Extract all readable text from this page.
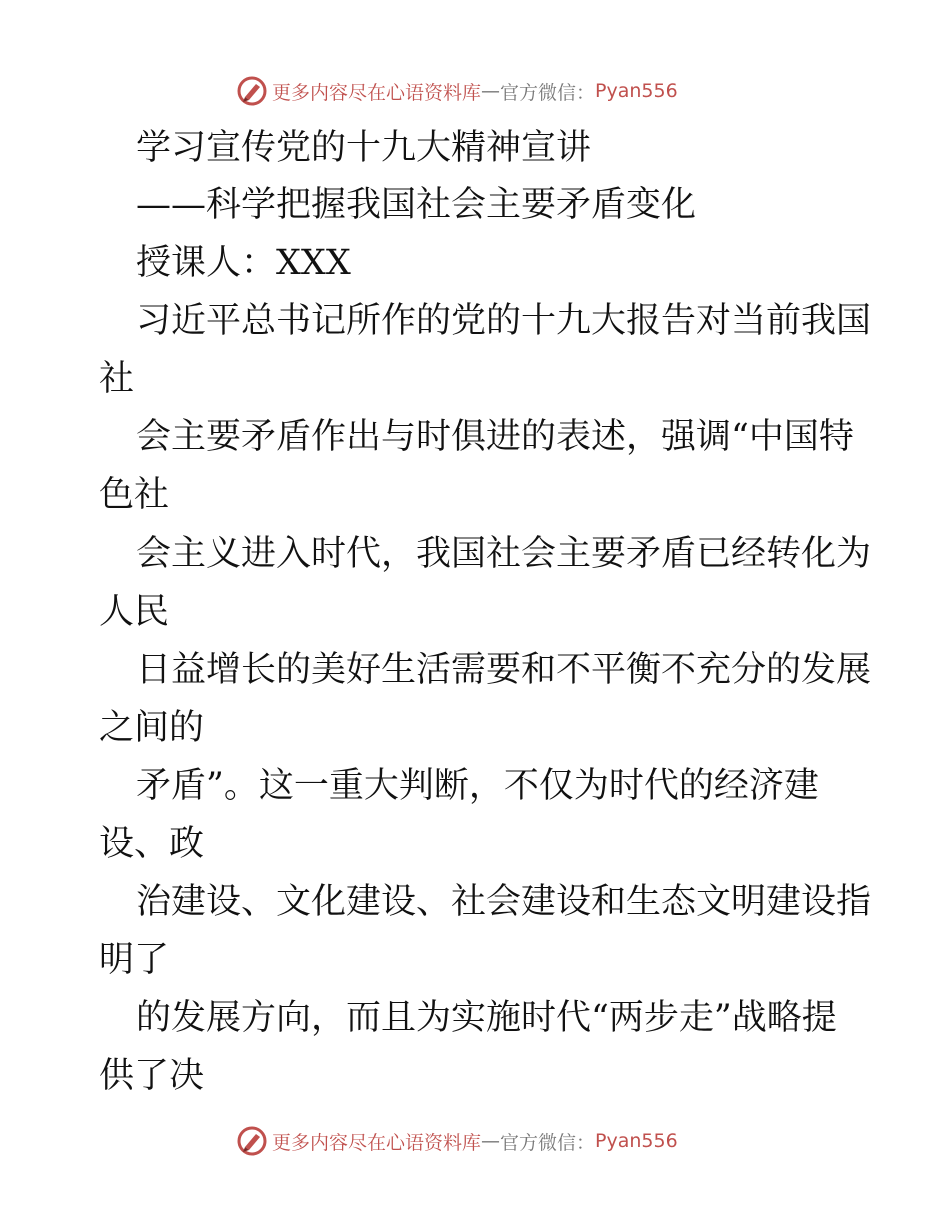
更多内容尽在心语资料库 — 官方微信： Pyan556
学习宣传党的十九大精神宣讲
——科学把握我国社会主要矛盾变化
授课人：XXX
习近平总书记所作的党的十九大报告对当前我国
社
会主要矛盾作出与时俱进的表述，强调“中国特
色社
会主义进入时代，我国社会主要矛盾已经转化为
人民
日益增长的美好生活需要和不平衡不充分的发展
之间的
矛盾”。这一重大判断，不仅为时代的经济建
设、政
治建设、文化建设、社会建设和生态文明建设指
明了
的发展方向，而且为实施时代“两步走”战略提
供了决
更多内容尽在心语资料库 — 官方微信： Pyan556
